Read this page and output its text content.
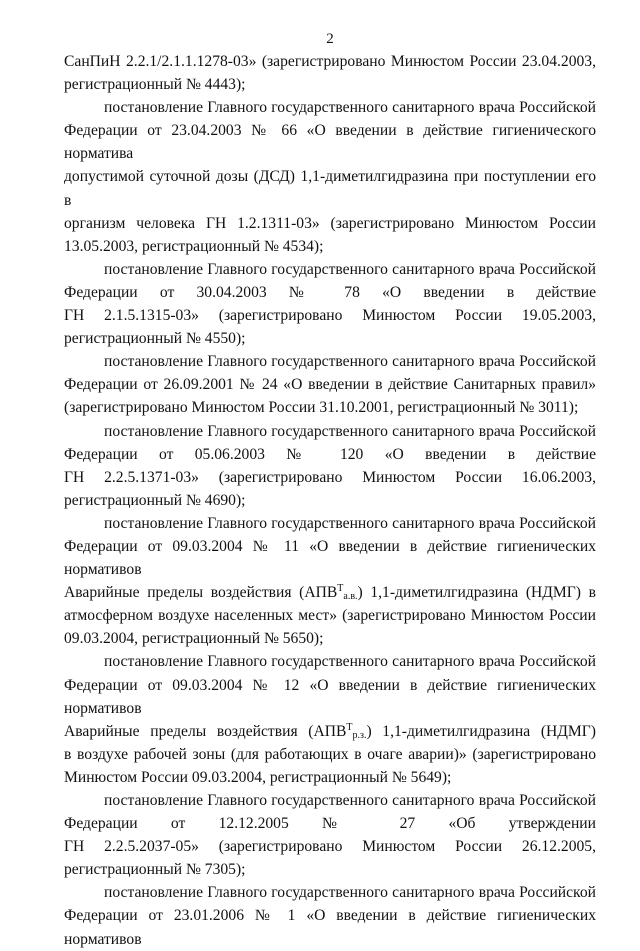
2
СанПиН 2.2.1/2.1.1.1278-03» (зарегистрировано Минюстом России 23.04.2003,
регистрационный № 4443);
постановление Главного государственного санитарного врача Российской
Федерации от 23.04.2003 № 66 «О введении в действие гигиенического норматива
допустимой суточной дозы (ДСД) 1,1-диметилгидразина при поступлении его в
организм человека ГН 1.2.1311-03» (зарегистрировано Минюстом России
13.05.2003, регистрационный № 4534);
постановление Главного государственного санитарного врача Российской
Федерации от 30.04.2003 № 78 «О введении в действие
ГН 2.1.5.1315-03» (зарегистрировано Минюстом России 19.05.2003,
регистрационный № 4550);
постановление Главного государственного санитарного врача Российской
Федерации от 26.09.2001 № 24 «О введении в действие Санитарных правил»
(зарегистрировано Минюстом России 31.10.2001, регистрационный № 3011);
постановление Главного государственного санитарного врача Российской
Федерации от 05.06.2003 № 120 «О введении в действие
ГН 2.2.5.1371-03» (зарегистрировано Минюстом России 16.06.2003,
регистрационный № 4690);
постановление Главного государственного санитарного врача Российской
Федерации от 09.03.2004 № 11 «О введении в действие гигиенических нормативов
Аварийные пределы воздействия $(АПВ^Т_{а.в.})$ 1,1-диметилгидразина (НДМГ) в
атмосферном воздухе населенных мест» (зарегистрировано Минюстом России
09.03.2004, регистрационный № 5650);
постановление Главного государственного санитарного врача Российской
Федерации от 09.03.2004 № 12 «О введении в действие гигиенических нормативов
Аварийные пределы воздействия $(АПВ^Т_{р.з.})$ 1,1-диметилгидразина (НДМГ)
в воздухе рабочей зоны (для работающих в очаге аварии)» (зарегистрировано
Минюстом России 09.03.2004, регистрационный № 5649);
постановление Главного государственного санитарного врача Российской
Федерации от 12.12.2005 № 27 «Об утверждении
ГН 2.2.5.2037-05» (зарегистрировано Минюстом России 26.12.2005,
регистрационный № 7305);
постановление Главного государственного санитарного врача Российской
Федерации от 23.01.2006 № 1 «О введении в действие гигиенических нормативов
